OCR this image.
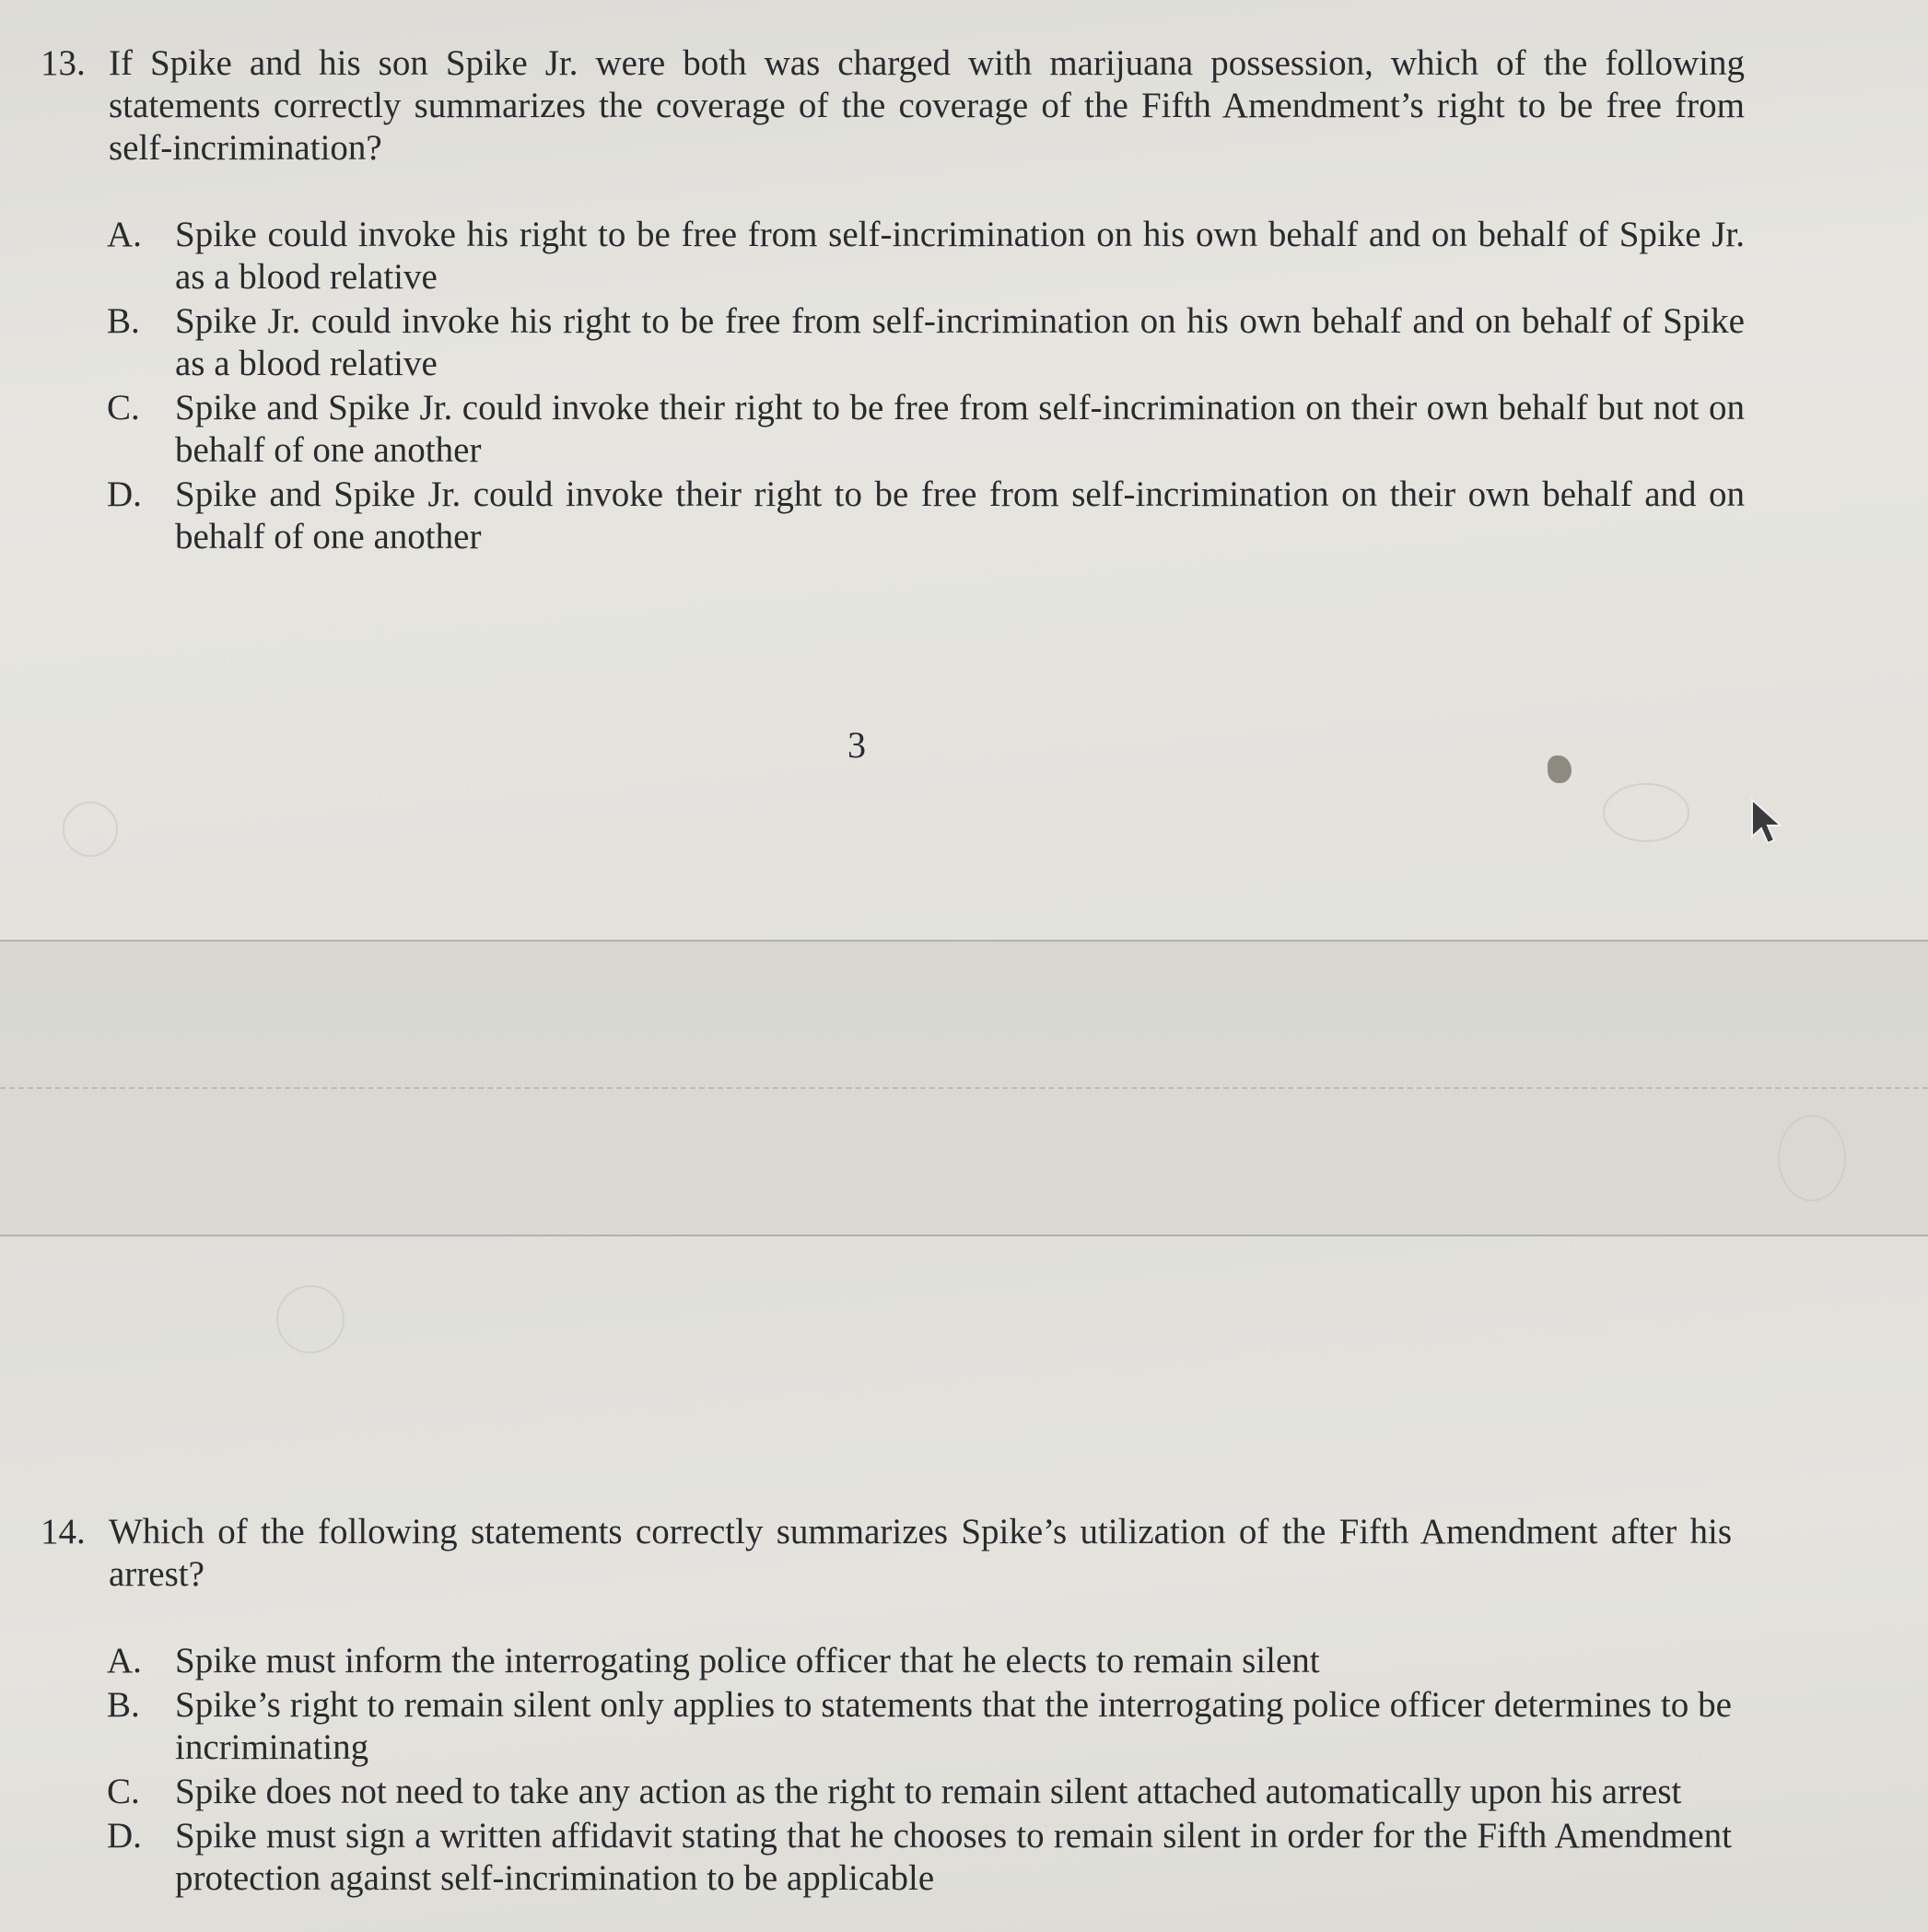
13. If Spike and his son Spike Jr. were both was charged with marijuana possession, which of the following statements correctly summarizes the coverage of the coverage of the Fifth Amendment’s right to be free from self-incrimination?
A. Spike could invoke his right to be free from self-incrimination on his own behalf and on behalf of Spike Jr. as a blood relative
B. Spike Jr. could invoke his right to be free from self-incrimination on his own behalf and on behalf of Spike as a blood relative
C. Spike and Spike Jr. could invoke their right to be free from self-incrimination on their own behalf but not on behalf of one another
D. Spike and Spike Jr. could invoke their right to be free from self-incrimination on their own behalf and on behalf of one another
3
14. Which of the following statements correctly summarizes Spike’s utilization of the Fifth Amendment after his arrest?
A. Spike must inform the interrogating police officer that he elects to remain silent
B. Spike’s right to remain silent only applies to statements that the interrogating police officer determines to be incriminating
C. Spike does not need to take any action as the right to remain silent attached automatically upon his arrest
D. Spike must sign a written affidavit stating that he chooses to remain silent in order for the Fifth Amendment protection against self-incrimination to be applicable
